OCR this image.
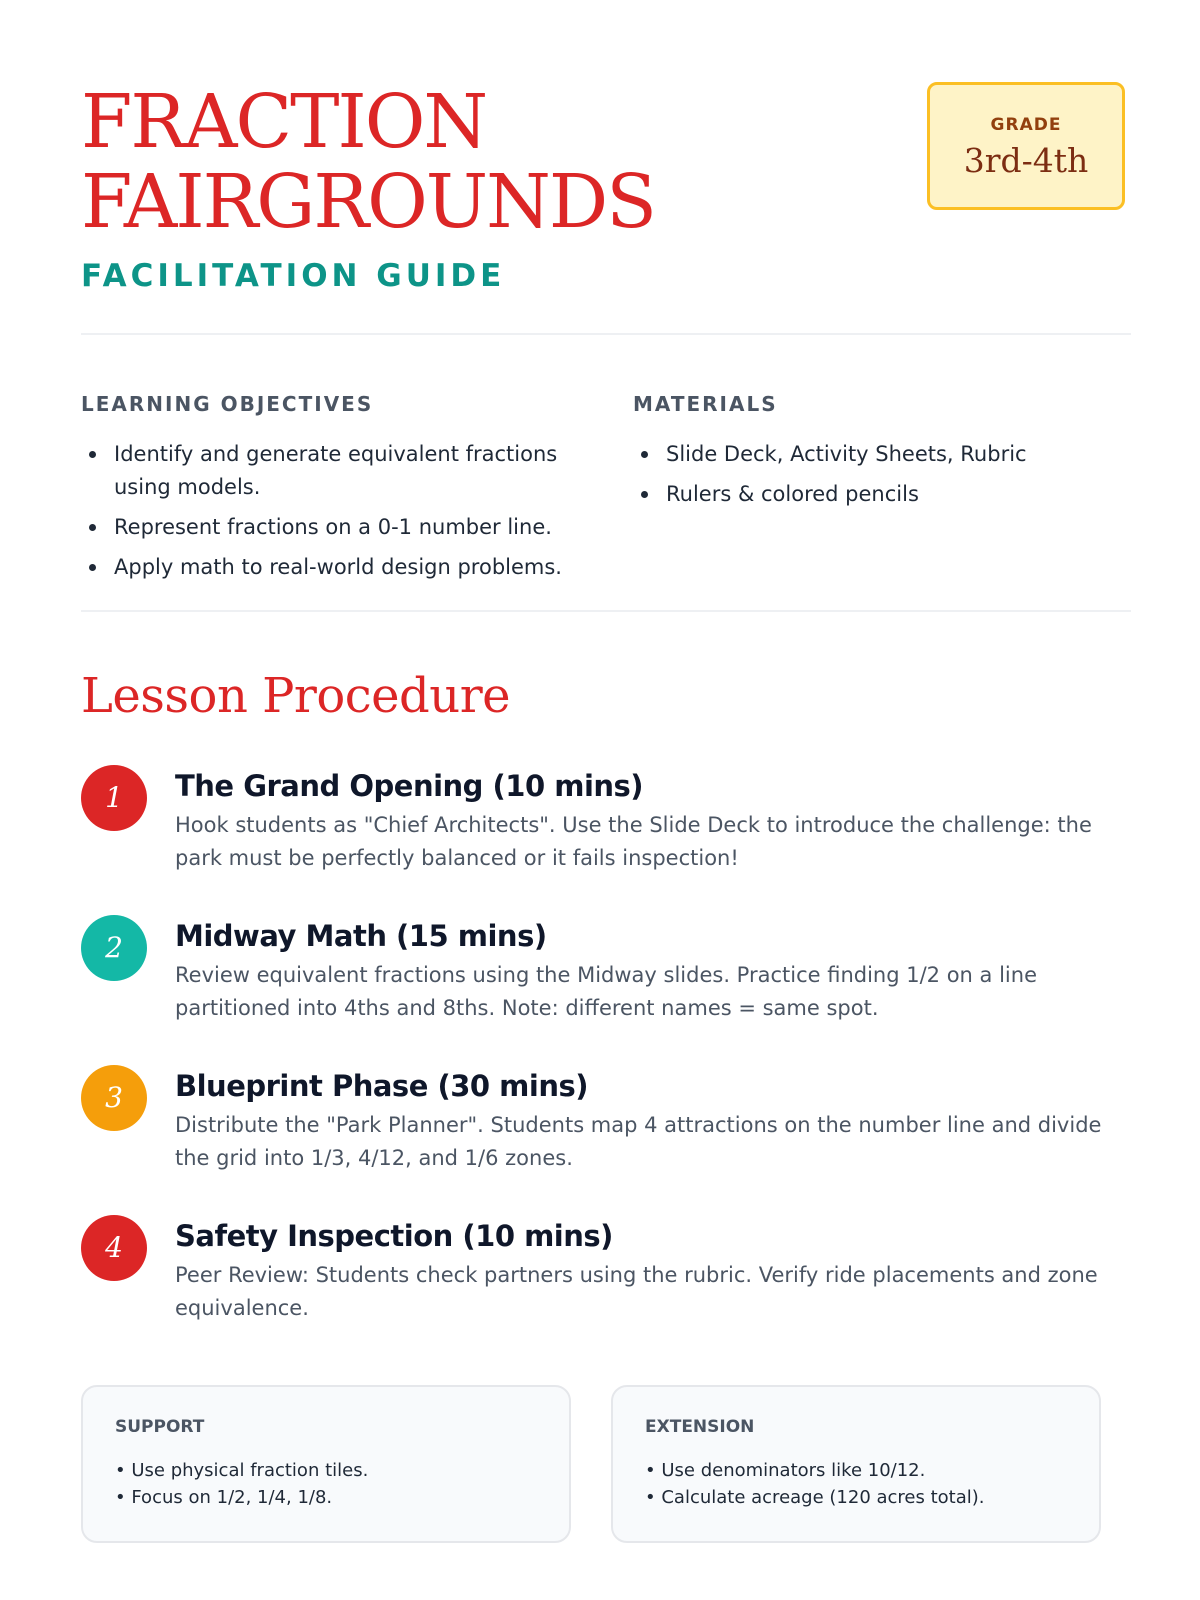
FRACTION
FAIRGROUNDS
FACILITATION GUIDE
GRADE
3rd-4th
LEARNING OBJECTIVES
Identify and generate equivalent fractions using models.
Represent fractions on a 0-1 number line.
Apply math to real-world design problems.
MATERIALS
Slide Deck, Activity Sheets, Rubric
Rulers & colored pencils
Lesson Procedure
1	The Grand Opening (10 mins)

Hook students as "Chief Architects". Use the Slide Deck to introduce the challenge: the park must be perfectly balanced or it fails inspection!

2	Midway Math (15 mins)

Review equivalent fractions using the Midway slides. Practice finding 1/2 on a line partitioned into 4ths and 8ths. Note: different names = same spot.

3	Blueprint Phase (30 mins)

Distribute the "Park Planner". Students map 4 attractions on the number line and divide the grid into 1/3, 4/12, and 1/6 zones.

4	Safety Inspection (10 mins)

Peer Review: Students check partners using the rubric. Verify ride placements and zone equivalence.

SUPPORT
• Use physical fraction tiles.
• Focus on 1/2, 1/4, 1/8.
EXTENSION
• Use denominators like 10/12.
• Calculate acreage (120 acres total).
